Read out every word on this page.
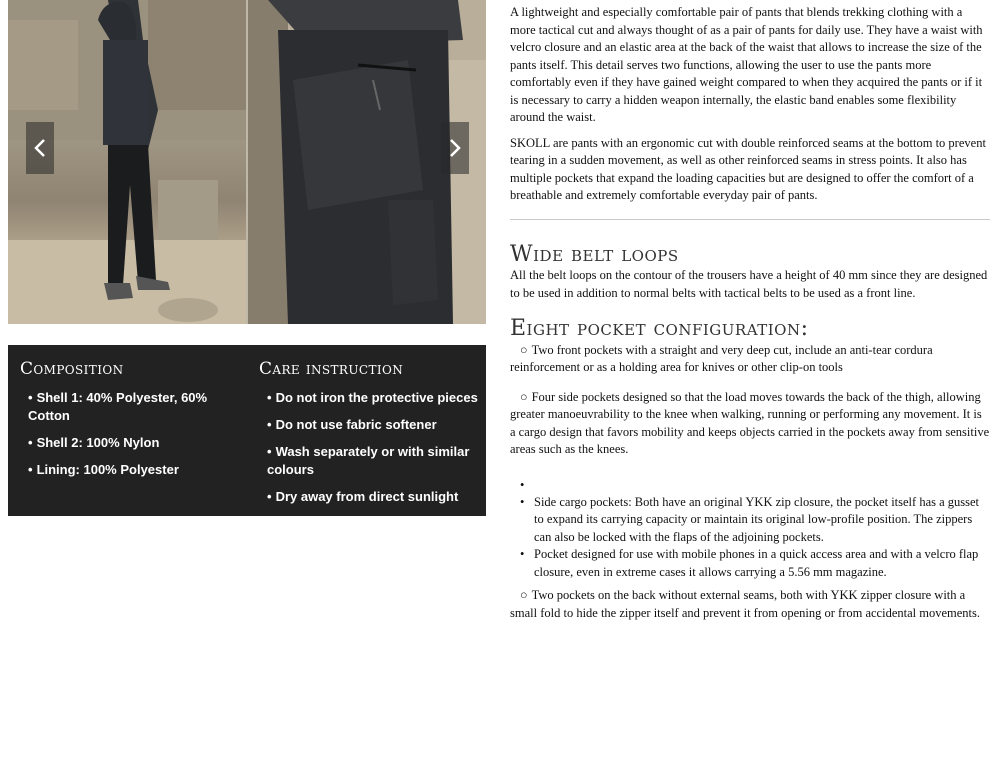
Composition
• Shell 1: 40% Polyester, 60% Cotton
• Shell 2: 100% Nylon
• Lining: 100% Polyester
Care instruction
• Do not iron the protective pieces
• Do not use fabric softener
• Wash separately or with similar colours
• Dry away from direct sunlight

A lightweight and especially comfortable pair of pants that blends trekking clothing with a more tactical cut and always thought of as a pair of pants for daily use. They have a waist with velcro closure and an elastic area at the back of the waist that allows to increase the size of the pants itself. This detail serves two functions, allowing the user to use the pants more comfortably even if they have gained weight compared to when they acquired the pants or if it is necessary to carry a hidden weapon internally, the elastic band enables some flexibility around the waist.

SKOLL are pants with an ergonomic cut with double reinforced seams at the bottom to prevent tearing in a sudden movement, as well as other reinforced seams in stress points. It also has multiple pockets that expand the loading capacities but are designed to offer the comfort of a breathable and extremely comfortable everyday pair of pants.

Wide belt loops

All the belt loops on the contour of the trousers have a height of 40 mm since they are designed to be used in addition to normal belts with tactical belts to be used as a front line.

Eight pocket configuration:

○ Two front pockets with a straight and very deep cut, include an anti-tear cordura reinforcement or as a holding area for knives or other clip-on tools

○ Four side pockets designed so that the load moves towards the back of the thigh, allowing greater manoeuvrability to the knee when walking, running or performing any movement. It is a cargo design that favors mobility and keeps objects carried in the pockets away from sensitive areas such as the knees.

•
• Side cargo pockets: Both have an original YKK zip closure, the pocket itself has a gusset to expand its carrying capacity or maintain its original low-profile position. The zippers can also be locked with the flaps of the adjoining pockets.
• Pocket designed for use with mobile phones in a quick access area and with a velcro flap closure, even in extreme cases it allows carrying a 5.56 mm magazine.

○ Two pockets on the back without external seams, both with YKK zipper closure with a small fold to hide the zipper itself and prevent it from opening or from accidental movements.
